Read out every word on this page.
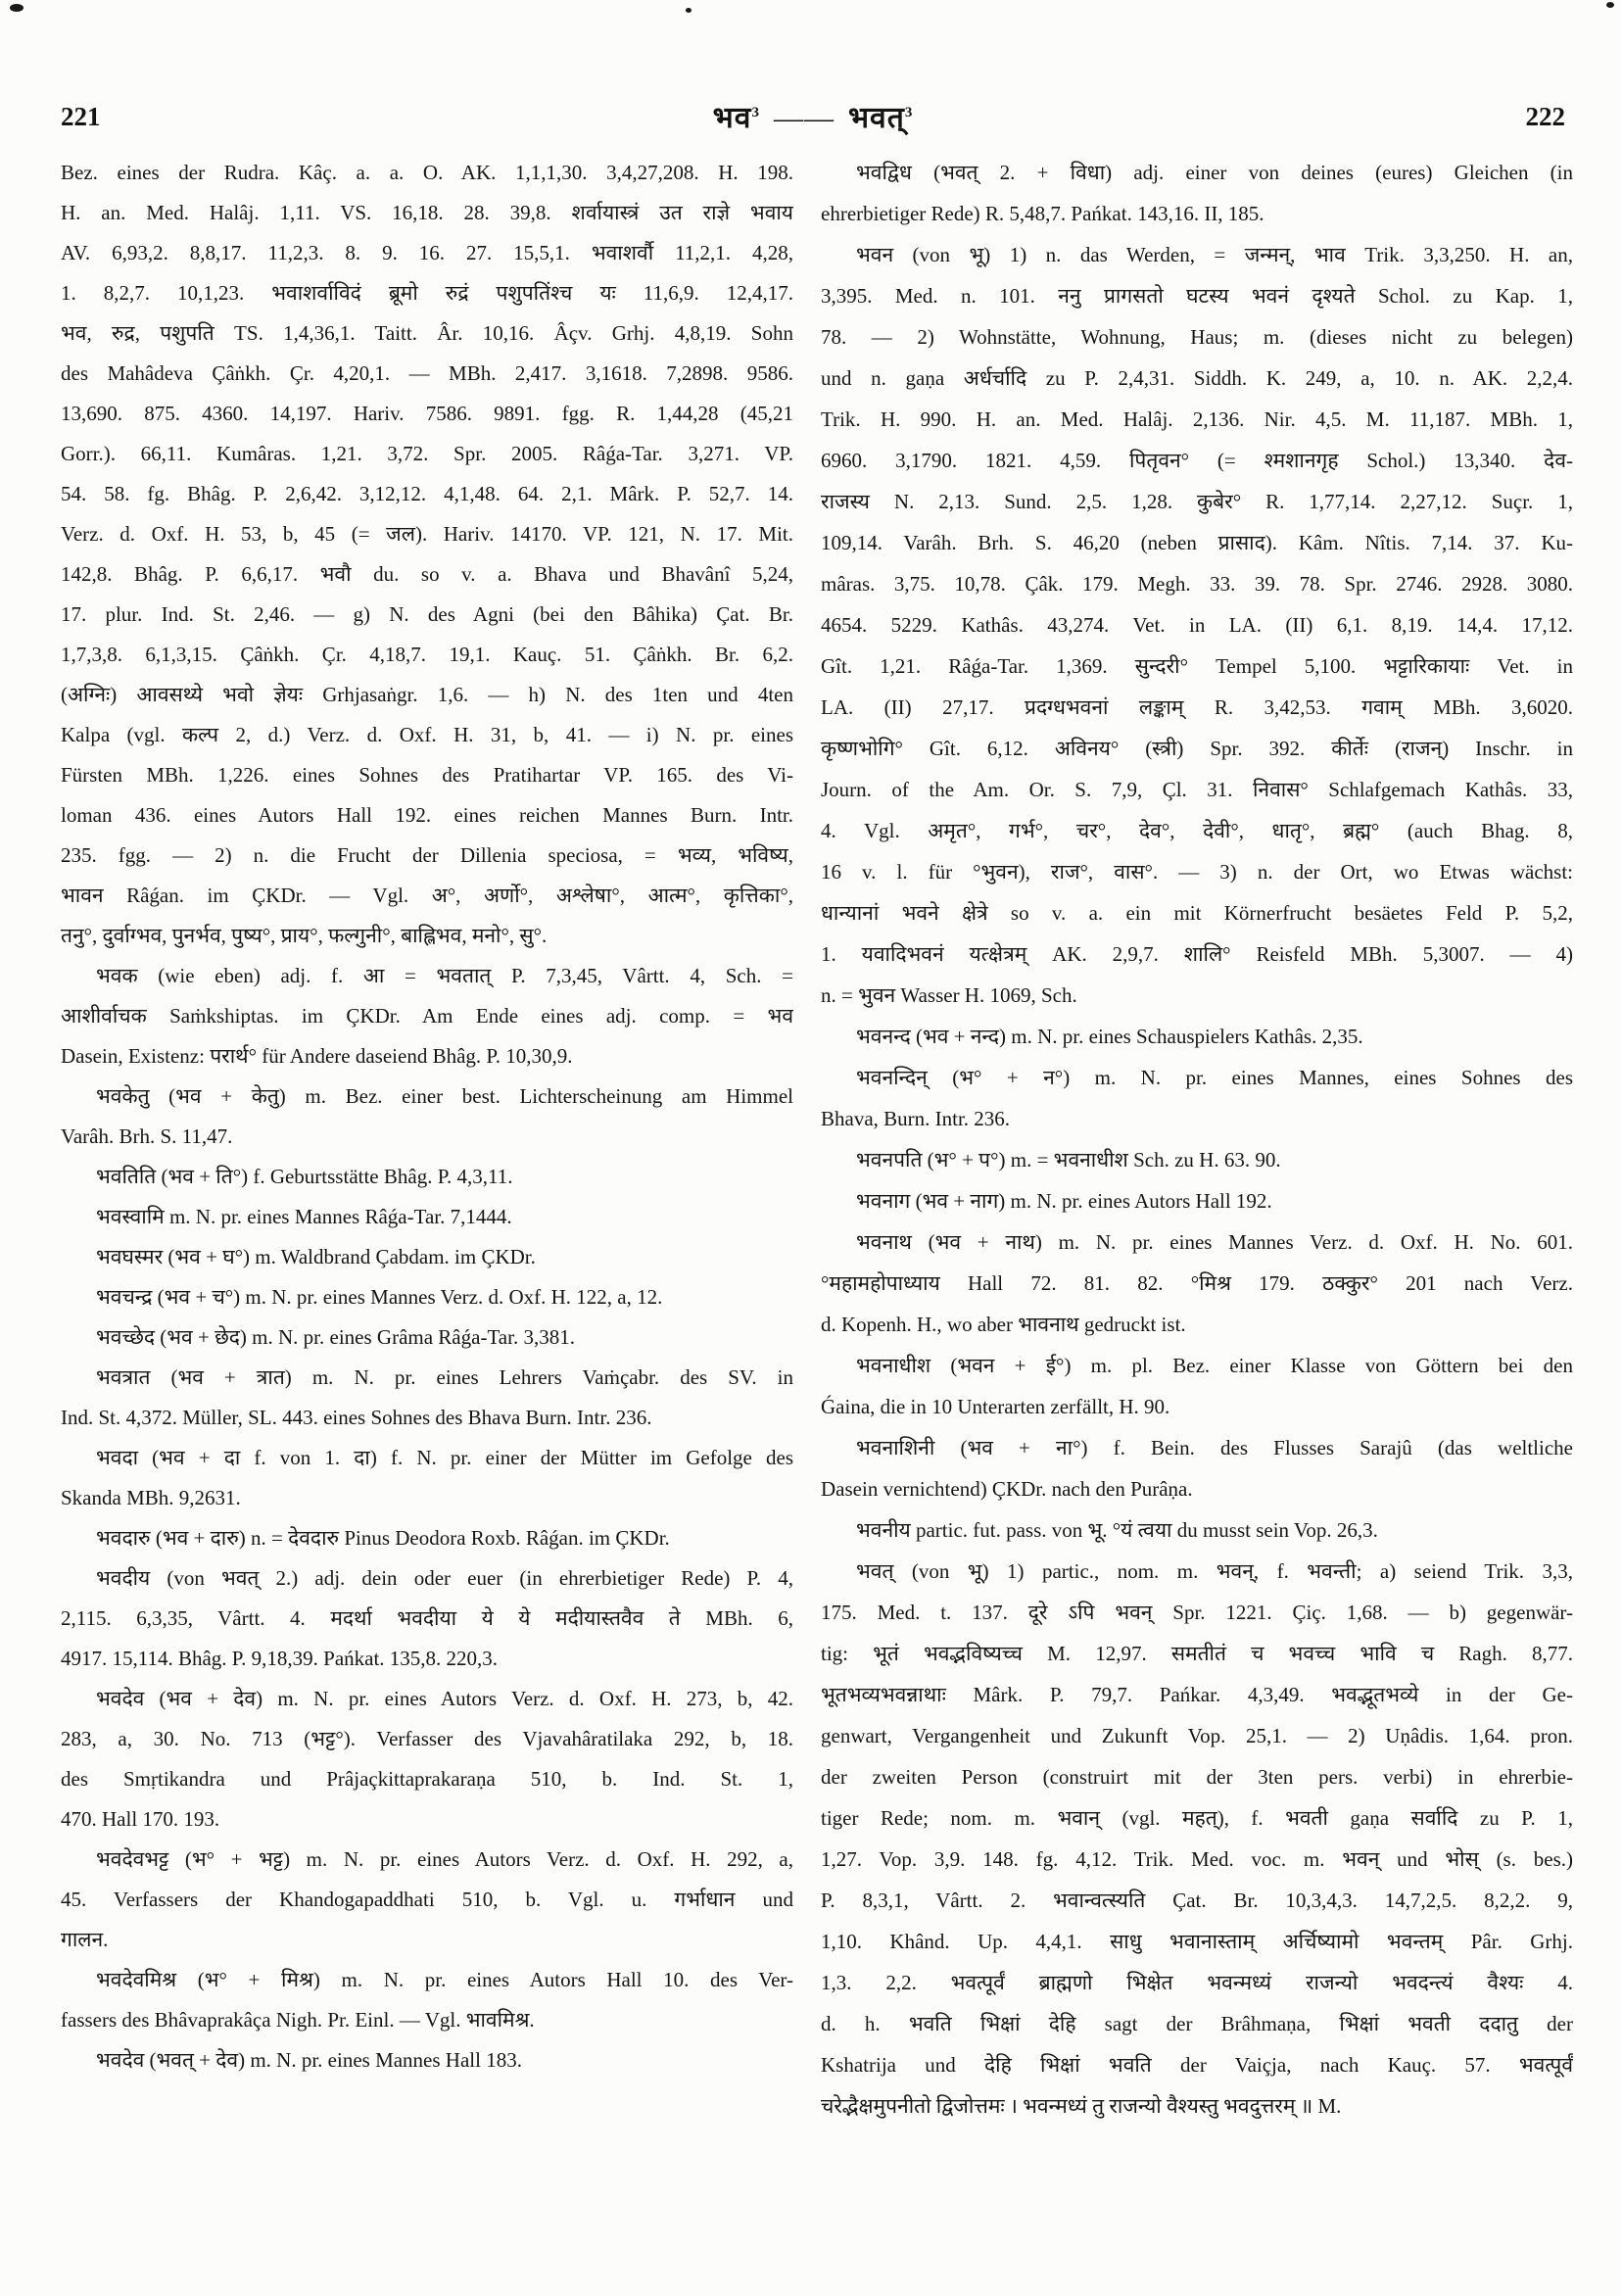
221	भव$^3$ —— भवत्$^3$	222
Bez. eines der Rudra. Kâç. a. a. O. AK. 1,1,1,30. 3,4,27,208. H. 198.
H. an. Med. Halâj. 1,11. VS. 16,18. 28. 39,8. शर्वायास्त्रं उत राज्ञे भवाय
AV. 6,93,2. 8,8,17. 11,2,3. 8. 9. 16. 27. 15,5,1. भवाशर्वौ 11,2,1. 4,28,
1. 8,2,7. 10,1,23. भवाशर्वाविदं ब्रूमो रुद्रं पशुपतिंश्च यः 11,6,9. 12,4,17.
भव, रुद्र, पशुपति TS. 1,4,36,1. Taitt. Âr. 10,16. Âçv. Grhj. 4,8,19. Sohn
des Mahâdeva Çâṅkh. Çr. 4,20,1. — MBh. 2,417. 3,1618. 7,2898. 9586.
13,690. 875. 4360. 14,197. Hariv. 7586. 9891. fgg. R. 1,44,28 (45,21
Gorr.). 66,11. Kumâras. 1,21. 3,72. Spr. 2005. Râǵa-Tar. 3,271. VP.
54. 58. fg. Bhâg. P. 2,6,42. 3,12,12. 4,1,48. 64. 2,1. Mârk. P. 52,7. 14.
Verz. d. Oxf. H. 53, b, 45 (= जल). Hariv. 14170. VP. 121, N. 17. Mit.
142,8. Bhâg. P. 6,6,17. भवौ du. so v. a. Bhava und Bhavânî 5,24,
17. plur. Ind. St. 2,46. — g) N. des Agni (bei den Bâhika) Çat. Br.
1,7,3,8. 6,1,3,15. Çâṅkh. Çr. 4,18,7. 19,1. Kauç. 51. Çâṅkh. Br. 6,2.
(अग्निः) आवसथ्ये भवो ज्ञेयः Grhjasaṅgr. 1,6. — h) N. des 1ten und 4ten
Kalpa (vgl. कल्प 2, d.) Verz. d. Oxf. H. 31, b, 41. — i) N. pr. eines
Fürsten MBh. 1,226. eines Sohnes des Pratihartar VP. 165. des Vi-
loman 436. eines Autors Hall 192. eines reichen Mannes Burn. Intr.
235. fgg. — 2) n. die Frucht der Dillenia speciosa, = भव्य, भविष्य,
भावन Râǵan. im ÇKDr. — Vgl. अ°, अर्णो°, अश्लेषा°, आत्म°, कृत्तिका°,
तनु°, दुर्वाग्भव, पुनर्भव, पुष्य°, प्राय°, फल्गुनी°, बाह्लिभव, मनो°, सु°.
भवक (wie eben) adj. f. आ = भवतात् P. 7,3,45, Vârtt. 4, Sch. =
आशीर्वाचक Saṁkshiptas. im ÇKDr. Am Ende eines adj. comp. = भव
Dasein, Existenz: परार्थ° für Andere daseiend Bhâg. P. 10,30,9.
भवकेतु (भव + केतु) m. Bez. einer best. Lichterscheinung am Himmel
Varâh. Brh. S. 11,47.
भवतिति (भव + ति°) f. Geburtsstätte Bhâg. P. 4,3,11.
भवस्वामि m. N. pr. eines Mannes Râǵa-Tar. 7,1444.
भवघस्मर (भव + घ°) m. Waldbrand Çabdam. im ÇKDr.
भवचन्द्र (भव + च°) m. N. pr. eines Mannes Verz. d. Oxf. H. 122, a, 12.
भवच्छेद (भव + छेद) m. N. pr. eines Grâma Râǵa-Tar. 3,381.
भवत्रात (भव + त्रात) m. N. pr. eines Lehrers Vaṁçabr. des SV. in
Ind. St. 4,372. Müller, SL. 443. eines Sohnes des Bhava Burn. Intr. 236.
भवदा (भव + दा f. von 1. दा) f. N. pr. einer der Mütter im Gefolge des
Skanda MBh. 9,2631.
भवदारु (भव + दारु) n. = देवदारु Pinus Deodora Roxb. Râǵan. im ÇKDr.
भवदीय (von भवत् 2.) adj. dein oder euer (in ehrerbietiger Rede) P. 4,
2,115. 6,3,35, Vârtt. 4. मदर्था भवदीया ये ये मदीयास्तवैव ते MBh. 6,
4917. 15,114. Bhâg. P. 9,18,39. Pańkat. 135,8. 220,3.
भवदेव (भव + देव) m. N. pr. eines Autors Verz. d. Oxf. H. 273, b, 42.
283, a, 30. No. 713 (भट्ट°). Verfasser des Vjavahâratilaka 292, b, 18.
des Smṛtikandra und Prâjaçkittaprakaraṇa 510, b. Ind. St. 1,
470. Hall 170. 193.
भवदेवभट्ट (भ° + भट्ट) m. N. pr. eines Autors Verz. d. Oxf. H. 292, a,
45. Verfassers der Khandogapaddhati 510, b. Vgl. u. गर्भाधान und
गालन.
भवदेवमिश्र (भ° + मिश्र) m. N. pr. eines Autors Hall 10. des Ver-
fassers des Bhâvaprakâça Nigh. Pr. Einl. — Vgl. भावमिश्र.
भवदेव (भवत् + देव) m. N. pr. eines Mannes Hall 183.
भवद्विध (भवत् 2. + विधा) adj. einer von deines (eures) Gleichen (in
ehrerbietiger Rede) R. 5,48,7. Pańkat. 143,16. II, 185.
भवन (von भू) 1) n. das Werden, = जन्मन्, भाव Trik. 3,3,250. H. an,
3,395. Med. n. 101. ननु प्रागसतो घटस्य भवनं दृश्यते Schol. zu Kap. 1,
78. — 2) Wohnstätte, Wohnung, Haus; m. (dieses nicht zu belegen)
und n. gaṇa अर्धर्चादि zu P. 2,4,31. Siddh. K. 249, a, 10. n. AK. 2,2,4.
Trik. H. 990. H. an. Med. Halâj. 2,136. Nir. 4,5. M. 11,187. MBh. 1,
6960. 3,1790. 1821. 4,59. पितृवन° (= श्मशानगृह Schol.) 13,340. देव-
राजस्य N. 2,13. Sund. 2,5. 1,28. कुबेर° R. 1,77,14. 2,27,12. Suçr. 1,
109,14. Varâh. Brh. S. 46,20 (neben प्रासाद). Kâm. Nîtis. 7,14. 37. Ku-
mâras. 3,75. 10,78. Çâk. 179. Megh. 33. 39. 78. Spr. 2746. 2928. 3080.
4654. 5229. Kathâs. 43,274. Vet. in LA. (II) 6,1. 8,19. 14,4. 17,12.
Gît. 1,21. Râǵa-Tar. 1,369. सुन्दरी° Tempel 5,100. भट्टारिकायाः Vet. in
LA. (II) 27,17. प्रदग्धभवनां लङ्काम् R. 3,42,53. गवाम् MBh. 3,6020.
कृष्णभोगि° Gît. 6,12. अविनय° (स्त्री) Spr. 392. कीर्तेः (राजन्) Inschr. in
Journ. of the Am. Or. S. 7,9, Çl. 31. निवास° Schlafgemach Kathâs. 33,
4. Vgl. अमृत°, गर्भ°, चर°, देव°, देवी°, धातृ°, ब्रह्म° (auch Bhag. 8,
16 v. l. für °भुवन), राज°, वास°. — 3) n. der Ort, wo Etwas wächst:
धान्यानां भवने क्षेत्रे so v. a. ein mit Körnerfrucht besäetes Feld P. 5,2,
1. यवादिभवनं यत्क्षेत्रम् AK. 2,9,7. शालि° Reisfeld MBh. 5,3007. — 4)
n. = भुवन Wasser H. 1069, Sch.
भवनन्द (भव + नन्द) m. N. pr. eines Schauspielers Kathâs. 2,35.
भवनन्दिन् (भ° + न°) m. N. pr. eines Mannes, eines Sohnes des
Bhava, Burn. Intr. 236.
भवनपति (भ° + प°) m. = भवनाधीश Sch. zu H. 63. 90.
भवनाग (भव + नाग) m. N. pr. eines Autors Hall 192.
भवनाथ (भव + नाथ) m. N. pr. eines Mannes Verz. d. Oxf. H. No. 601.
°महामहोपाध्याय Hall 72. 81. 82. °मिश्र 179. ठक्कुर° 201 nach Verz.
d. Kopenh. H., wo aber भावनाथ gedruckt ist.
भवनाधीश (भवन + ई°) m. pl. Bez. einer Klasse von Göttern bei den
Ǵaina, die in 10 Unterarten zerfällt, H. 90.
भवनाशिनी (भव + ना°) f. Bein. des Flusses Sarajû (das weltliche
Dasein vernichtend) ÇKDr. nach den Purâṇa.
भवनीय partic. fut. pass. von भू. °यं त्वया du musst sein Vop. 26,3.
भवत् (von भू) 1) partic., nom. m. भवन्, f. भवन्ती; a) seiend Trik. 3,3,
175. Med. t. 137. दूरे ऽपि भवन् Spr. 1221. Çiç. 1,68. — b) gegenwär-
tig: भूतं भवद्भविष्यच्च M. 12,97. समतीतं च भवच्च भावि च Ragh. 8,77.
भूतभव्यभवन्नाथाः Mârk. P. 79,7. Pańkar. 4,3,49. भवद्भूतभव्ये in der Ge-
genwart, Vergangenheit und Zukunft Vop. 25,1. — 2) Uṇâdis. 1,64. pron.
der zweiten Person (construirt mit der 3ten pers. verbi) in ehrerbie-
tiger Rede; nom. m. भवान् (vgl. महत्), f. भवती gaṇa सर्वादि zu P. 1,
1,27. Vop. 3,9. 148. fg. 4,12. Trik. Med. voc. m. भवन् und भोस् (s. bes.)
P. 8,3,1, Vârtt. 2. भवान्वत्स्यति Çat. Br. 10,3,4,3. 14,7,2,5. 8,2,2. 9,
1,10. Khând. Up. 4,4,1. साधु भवानास्ताम् अर्चिष्यामो भवन्तम् Pâr. Grhj.
1,3. 2,2. भवत्पूर्वं ब्राह्मणो भिक्षेत भवन्मध्यं राजन्यो भवदन्त्यं वैश्यः 4.
d. h. भवति भिक्षां देहि sagt der Brâhmaṇa, भिक्षां भवती ददातु der
Kshatrija und देहि भिक्षां भवति der Vaiçja, nach Kauç. 57. भवत्पूर्वं
चरेद्भैक्षमुपनीतो द्विजोत्तमः । भवन्मध्यं तु राजन्यो वैश्यस्तु भवदुत्तरम् ॥ M.
